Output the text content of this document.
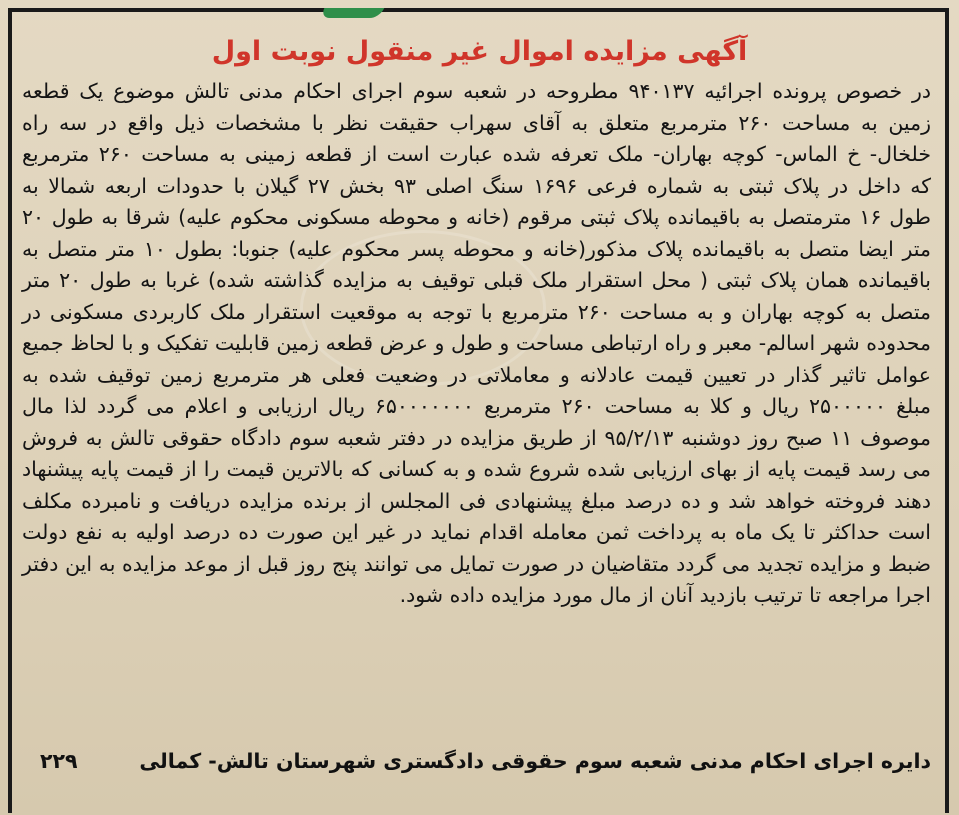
آگهی مزایده اموال غیر منقول نوبت اول
در خصوص پرونده اجرائیه ۹۴۰۱۳۷ مطروحه در شعبه سوم اجرای احکام مدنی تالش موضوع یک قطعه
زمین به مساحت ۲۶۰ مترمربع متعلق به آقای سهراب حقیقت نظر با مشخصات ذیل واقع در سه راه
خلخال- خ الماس- کوچه بهاران- ملک تعرفه شده عبارت است از قطعه زمینی به مساحت ۲۶۰ مترمربع
که داخل در پلاک ثبتی به شماره فرعی ۱۶۹۶ سنگ اصلی ۹۳ بخش ۲۷ گیلان با حدودات اربعه شمالا به
طول ۱۶ مترمتصل به باقیمانده پلاک ثبتی مرقوم (خانه و محوطه مسکونی محکوم علیه) شرقا به طول ۲۰
متر ایضا متصل به باقیمانده پلاک مذکور(خانه و محوطه پسر محکوم علیه) جنوبا: بطول ۱۰ متر متصل به
باقیمانده همان پلاک ثبتی ( محل استقرار ملک قبلی توقیف به مزایده گذاشته شده) غربا به طول ۲۰ متر
متصل به کوچه بهاران و به مساحت ۲۶۰ مترمربع با توجه به موقعیت استقرار ملک کاربردی مسکونی در
محدوده شهر اسالم- معبر و راه ارتباطی مساحت و طول و عرض قطعه زمین قابلیت تفکیک و با لحاظ جمیع
عوامل تاثیر گذار در تعیین قیمت عادلانه و معاملاتی در وضعیت فعلی هر مترمربع زمین توقیف شده به
مبلغ ۲۵۰۰۰۰۰ ریال و کلا به مساحت ۲۶۰ مترمربع ۶۵۰۰۰۰۰۰۰ ریال ارزیابی و اعلام می گردد لذا مال
موصوف ۱۱ صبح روز دوشنبه ۹۵/۲/۱۳ از طریق مزایده در دفتر شعبه سوم دادگاه حقوقی تالش به فروش
می رسد قیمت پایه از بهای ارزیابی شده شروع شده و به کسانی که بالاترین قیمت را از قیمت پایه پیشنهاد
دهند فروخته خواهد شد و ده درصد مبلغ پیشنهادی فی المجلس از برنده مزایده دریافت و نامبرده مکلف
است حداکثر تا یک ماه به پرداخت ثمن معامله اقدام نماید در غیر این صورت ده درصد اولیه به نفع دولت
ضبط و مزایده تجدید می گردد متقاضیان در صورت تمایل می توانند پنج روز قبل از موعد مزایده به این دفتر
اجرا مراجعه تا ترتیب بازدید آنان از مال مورد مزایده داده شود.
دایره اجرای احکام مدنی شعبه سوم حقوقی دادگستری شهرستان تالش- کمالی
۲۲۹
